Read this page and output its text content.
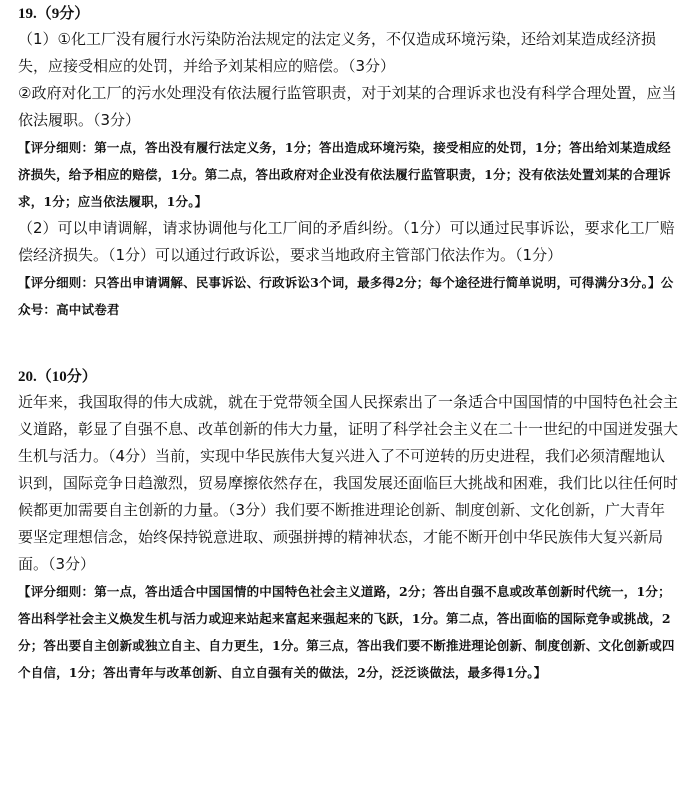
19.（9分）

（1）①化工厂没有履行水污染防治法规定的法定义务，不仅造成环境污染，还给刘某造成经济损失，应接受相应的处罚，并给予刘某相应的赔偿。（3分）

②政府对化工厂的污水处理没有依法履行监管职责，对于刘某的合理诉求也没有科学合理处置，应当依法履职。（3分）

【评分细则：第一点，答出没有履行法定义务，1分；答出造成环境污染，接受相应的处罚，1分；答出给刘某造成经济损失，给予相应的赔偿，1分。第二点，答出政府对企业没有依法履行监管职责，1分；没有依法处置刘某的合理诉求，1分；应当依法履职，1分。】

（2）可以申请调解，请求协调他与化工厂间的矛盾纠纷。（1分）可以通过民事诉讼，要求化工厂赔偿经济损失。（1分）可以通过行政诉讼，要求当地政府主管部门依法作为。（1分）

【评分细则：只答出申请调解、民事诉讼、行政诉讼3个词，最多得2分；每个途径进行简单说明，可得满分3分。】公众号：高中试卷君

20.（10分）

近年来，我国取得的伟大成就，就在于党带领全国人民探索出了一条适合中国国情的中国特色社会主义道路，彰显了自强不息、改革创新的伟大力量，证明了科学社会主义在二十一世纪的中国迸发强大生机与活力。（4分）当前，实现中华民族伟大复兴进入了不可逆转的历史进程，我们必须清醒地认识到，国际竞争日趋激烈，贸易摩擦依然存在，我国发展还面临巨大挑战和困难，我们比以往任何时候都更加需要自主创新的力量。（3分）我们要不断推进理论创新、制度创新、文化创新，广大青年要坚定理想信念，始终保持锐意进取、顽强拼搏的精神状态，才能不断开创中华民族伟大复兴新局面。（3分）

【评分细则：第一点，答出适合中国国情的中国特色社会主义道路，2分；答出自强不息或改革创新时代统一，1分；答出科学社会主义焕发生机与活力或迎来站起来富起来强起来的飞跃，1分。第二点，答出面临的国际竞争或挑战，2分；答出要自主创新或独立自主、自力更生，1分。第三点，答出我们要不断推进理论创新、制度创新、文化创新或四个自信，1分；答出青年与改革创新、自立自强有关的做法，2分，泛泛谈做法，最多得1分。】
